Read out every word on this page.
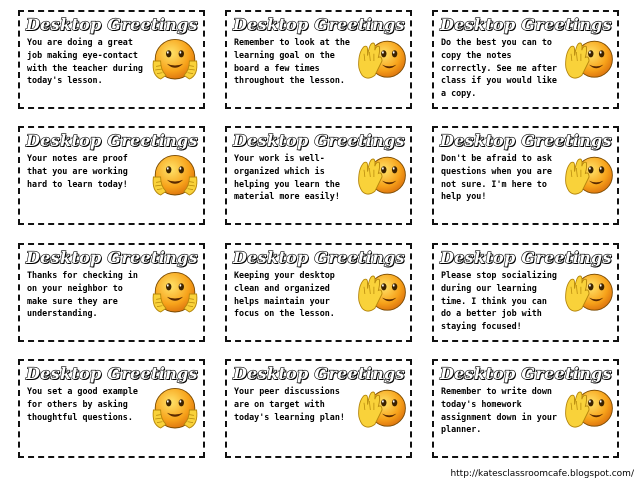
Desktop Greetings
You are doing a great job making eye-contact with the teacher during today's lesson.
Desktop Greetings
Remember to look at the learning goal on the board a few times throughout the lesson.
Desktop Greetings
Do the best you can to copy the notes correctly. See me after class if you would like a copy.
Desktop Greetings
Your notes are proof that you are working hard to learn today!
Desktop Greetings
Your work is well-organized which is helping you learn the material more easily!
Desktop Greetings
Don't be afraid to ask questions when you are not sure. I'm here to help you!
Desktop Greetings
Thanks for checking in on your neighbor to make sure they are understanding.
Desktop Greetings
Keeping your desktop clean and organized helps maintain your focus on the lesson.
Desktop Greetings
Please stop socializing during our learning time. I think you can do a better job with staying focused!
Desktop Greetings
You set a good example for others by asking thoughtful questions.
Desktop Greetings
Your peer discussions are on target with today's learning plan!
Desktop Greetings
Remember to write down today's homework assignment down in your planner.
http://katesclassroomcafe.blogspot.com/
